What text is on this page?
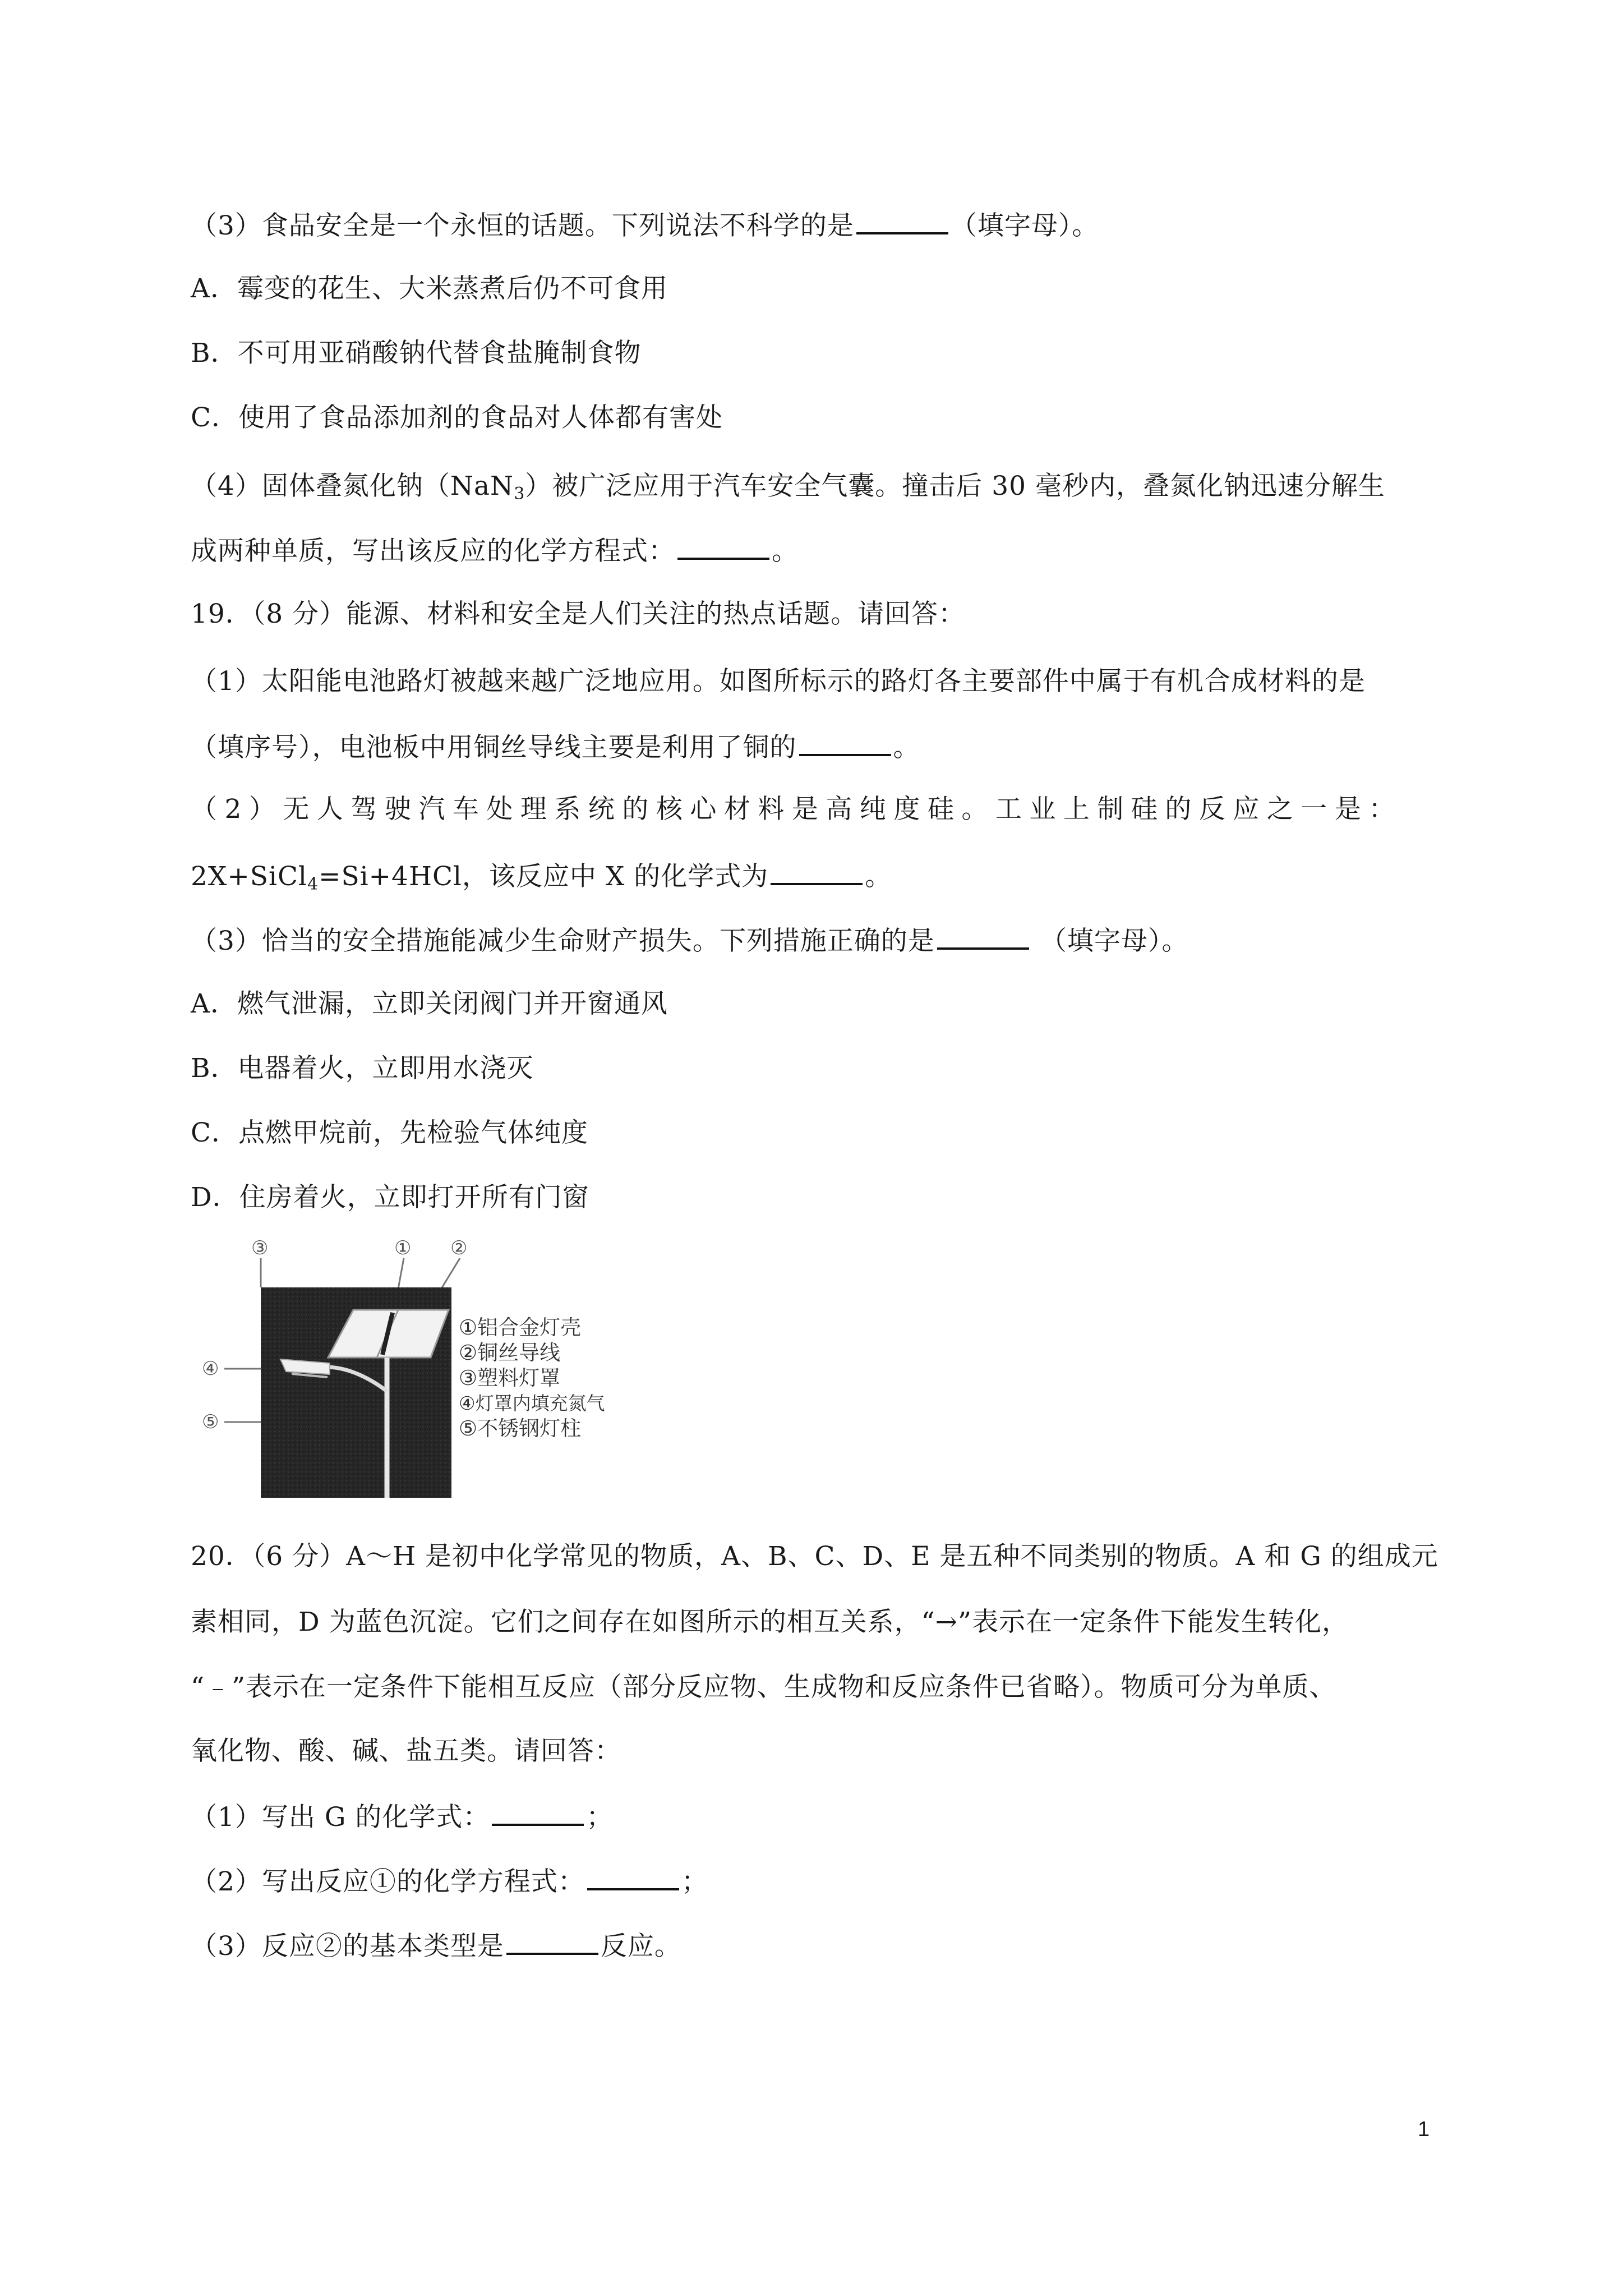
（3）食品安全是一个永恒的话题。下列说法不科学的是	（填字母）。
A．霉变的花生、大米蒸煮后仍不可食用
B．不可用亚硝酸钠代替食盐腌制食物
C．使用了食品添加剂的食品对人体都有害处
（4）固体叠氮化钠（NaN$_3$）被广泛应用于汽车安全气囊。撞击后 30 毫秒内，叠氮化钠迅速分解生
成两种单质，写出该反应的化学方程式：	。
19．（8 分）能源、材料和安全是人们关注的热点话题。请回答：
（1）太阳能电池路灯被越来越广泛地应用。如图所标示的路灯各主要部件中属于有机合成材料的是
（填序号），电池板中用铜丝导线主要是利用了铜的	。
（2）无人驾驶汽车处理系统的核心材料是高纯度硅。工业上制硅的反应之一是：
2X+SiCl$_4$=Si+4HCl，该反应中 X 的化学式为	。
（3）恰当的安全措施能减少生命财产损失。下列措施正确的是	（填字母）。
A．燃气泄漏，立即关闭阀门并开窗通风
B．电器着火，立即用水浇灭
C．点燃甲烷前，先检验气体纯度
D．住房着火，立即打开所有门窗
③	① ②
④
⑤
①铝合金灯壳
②铜丝导线
③塑料灯罩
④灯罩内填充氮气
⑤不锈钢灯柱
20．（6 分）A～H 是初中化学常见的物质，A、B、C、D、E 是五种不同类别的物质。A 和 G 的组成元
素相同，D 为蓝色沉淀。它们之间存在如图所示的相互关系，“→”表示在一定条件下能发生转化，
“﹣”表示在一定条件下能相互反应（部分反应物、生成物和反应条件已省略）。物质可分为单质、
氧化物、酸、碱、盐五类。请回答：
（1）写出 G 的化学式：	；
（2）写出反应①的化学方程式：	；
（3）反应②的基本类型是	反应。
1
